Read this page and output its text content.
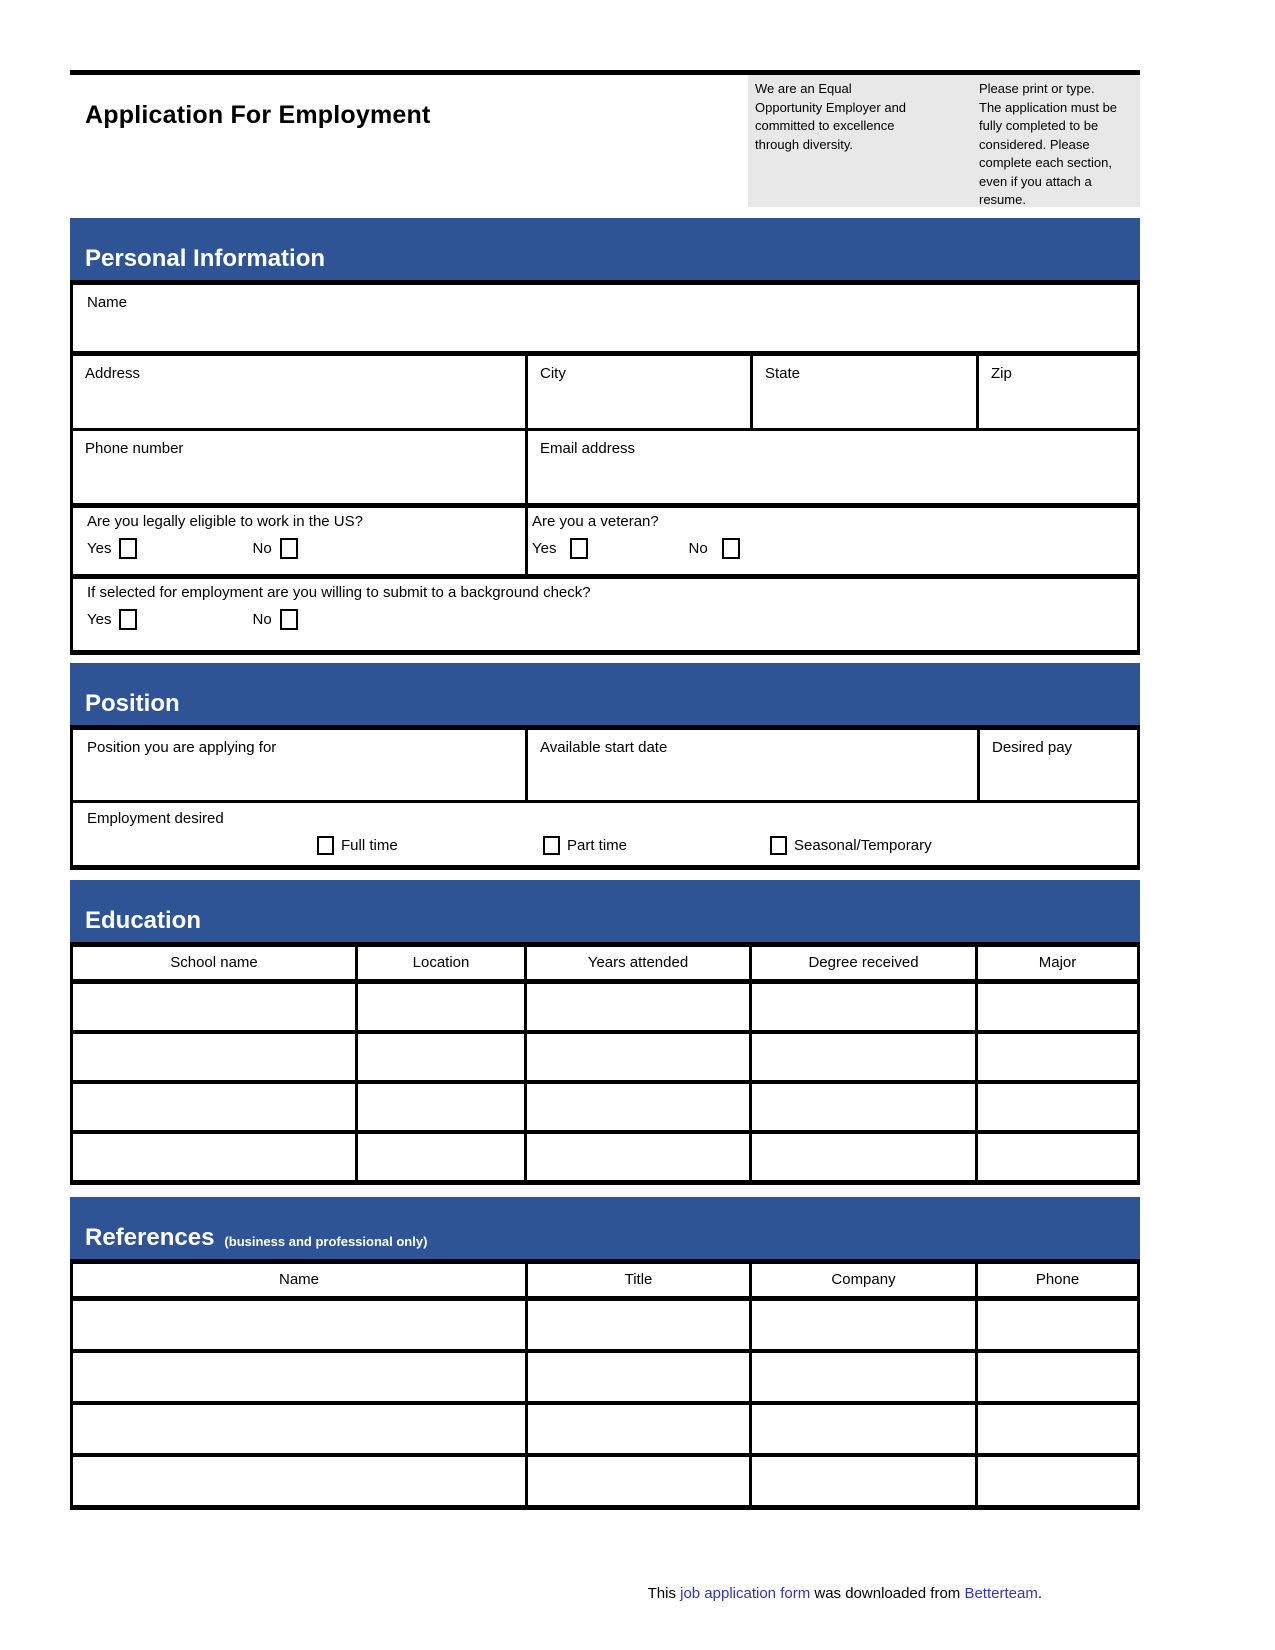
Application For Employment
We are an Equal
Opportunity Employer and
committed to excellence
through diversity.
Please print or type.
The application must be
fully completed to be
considered. Please
complete each section,
even if you attach a
resume.
Personal Information
Name
Address	City	State	Zip
Phone number	Email address
Are you legally eligible to work in the US?
Yes	No
Are you a veteran?
Yes	No
If selected for employment are you willing to submit to a background check?
Yes	No
Position
Position you are applying for	Available start date	Desired pay
Employment desired
Full time	Part time	Seasonal/Temporary
Education
School name	Location	Years attended	Degree received	Major
References (business and professional only)
Name	Title	Company	Phone
This job application form was downloaded from Betterteam.
